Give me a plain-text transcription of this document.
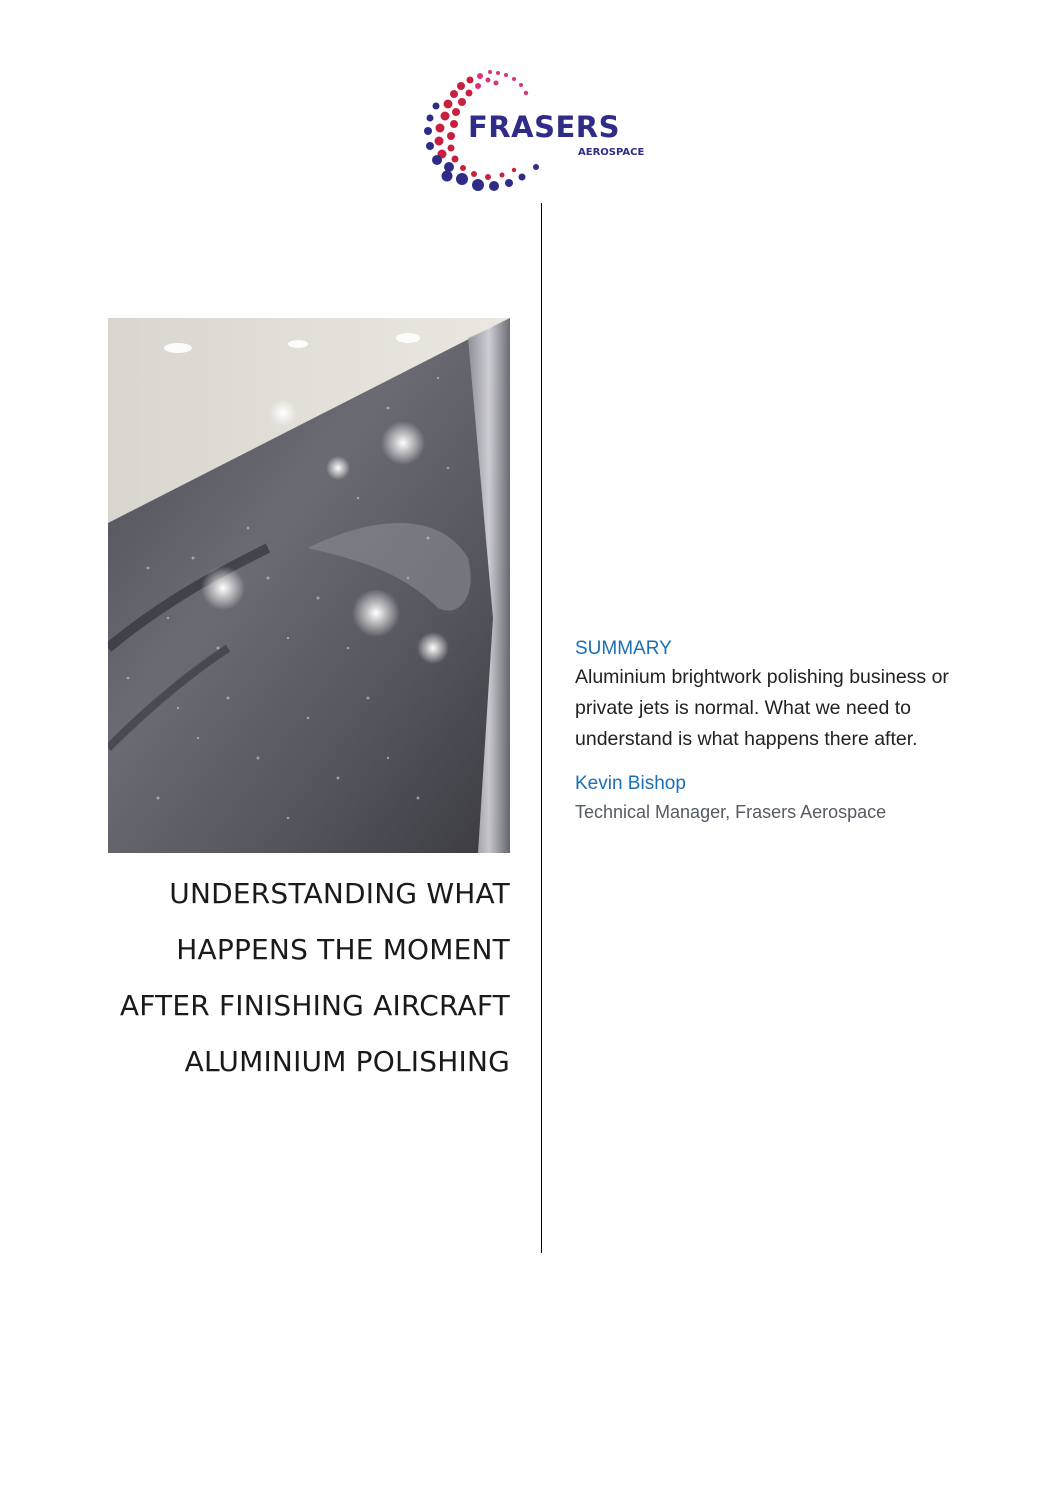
FRASERS
AEROSPACE
UNDERSTANDING WHAT
HAPPENS THE MOMENT
AFTER FINISHING AIRCRAFT
ALUMINIUM POLISHING

SUMMARY

Aluminium brightwork polishing business or
private jets is normal. What we need to
understand is what happens there after.

Kevin Bishop

Technical Manager, Frasers Aerospace
